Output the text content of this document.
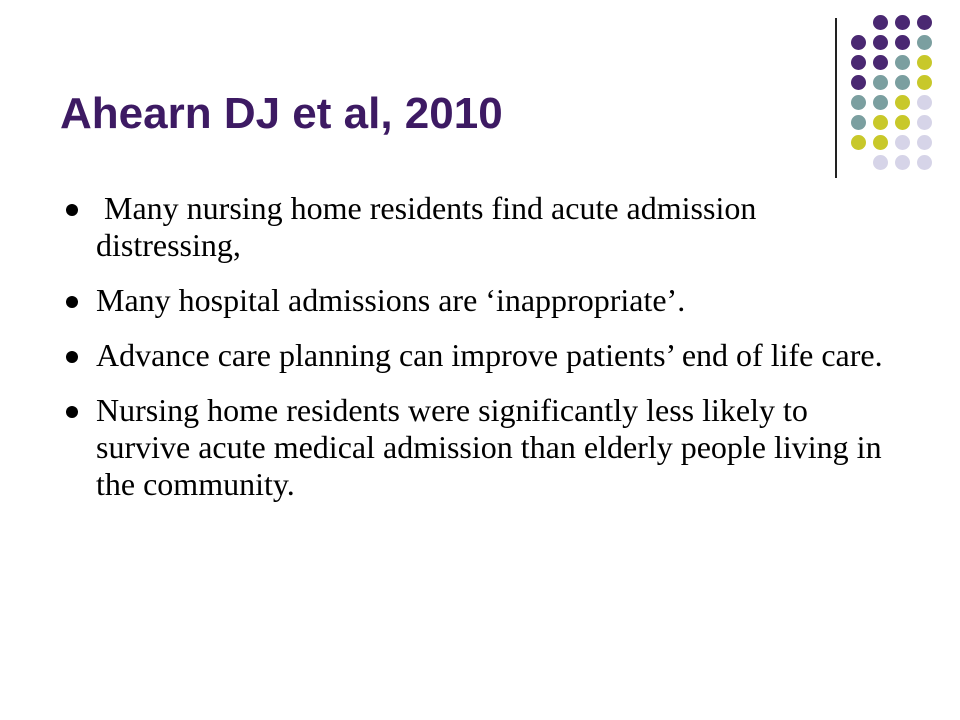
Ahearn DJ et al, 2010
Many nursing home residents find acute admission distressing,
Many hospital admissions are ‘inappropriate’.
Advance care planning can improve patients’ end of life care.
Nursing home residents were significantly less likely to survive acute medical admission than elderly people living in the community.
